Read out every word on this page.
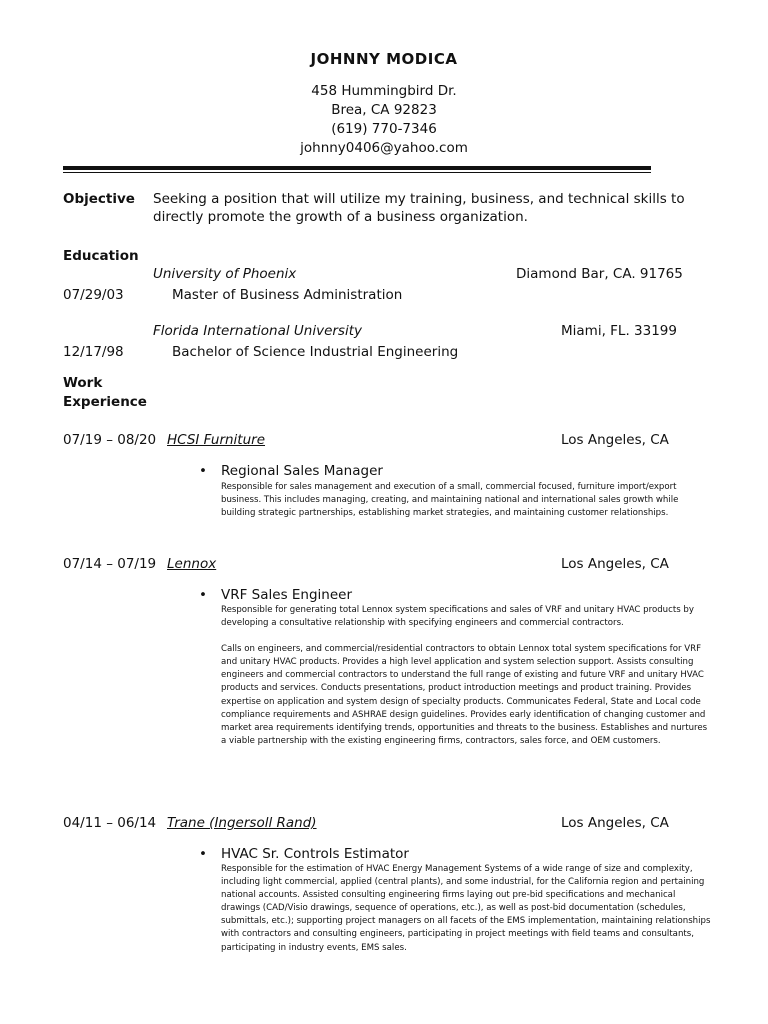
JOHNNY MODICA
458 Hummingbird Dr.
Brea, CA 92823
(619) 770-7346
johnny0406@yahoo.com
Objective Seeking a position that will utilize my training, business, and technical skills to
directly promote the growth of a business organization.
Education
University of Phoenix	Diamond Bar, CA. 91765
07/29/03	Master of Business Administration
Florida International University	Miami, FL. 33199
12/17/98	Bachelor of Science Industrial Engineering
Work
Experience
07/19 – 08/20 HCSI Furniture	Los Angeles, CA
• Regional Sales Manager

Responsible for sales management and execution of a small, commercial focused, furniture import/export business. This includes managing, creating, and maintaining national and international sales growth while building strategic partnerships, establishing market strategies, and maintaining customer relationships.

07/14 – 07/19 Lennox	Los Angeles, CA
• VRF Sales Engineer

Responsible for generating total Lennox system specifications and sales of VRF and unitary HVAC products by developing a consultative relationship with specifying engineers and commercial contractors.

Calls on engineers, and commercial/residential contractors to obtain Lennox total system specifications for VRF and unitary HVAC products. Provides a high level application and system selection support. Assists consulting engineers and commercial contractors to understand the full range of existing and future VRF and unitary HVAC products and services. Conducts presentations, product introduction meetings and product training. Provides expertise on application and system design of specialty products. Communicates Federal, State and Local code compliance requirements and ASHRAE design guidelines. Provides early identification of changing customer and market area requirements identifying trends, opportunities and threats to the business. Establishes and nurtures a viable partnership with the existing engineering firms, contractors, sales force, and OEM customers.

04/11 – 06/14 Trane (Ingersoll Rand)	Los Angeles, CA
• HVAC Sr. Controls Estimator

Responsible for the estimation of HVAC Energy Management Systems of a wide range of size and complexity, including light commercial, applied (central plants), and some industrial, for the California region and pertaining national accounts. Assisted consulting engineering firms laying out pre-bid specifications and mechanical drawings (CAD/Visio drawings, sequence of operations, etc.), as well as post-bid documentation (schedules, submittals, etc.); supporting project managers on all facets of the EMS implementation, maintaining relationships with contractors and consulting engineers, participating in project meetings with field teams and consultants, participating in industry events, EMS sales.
